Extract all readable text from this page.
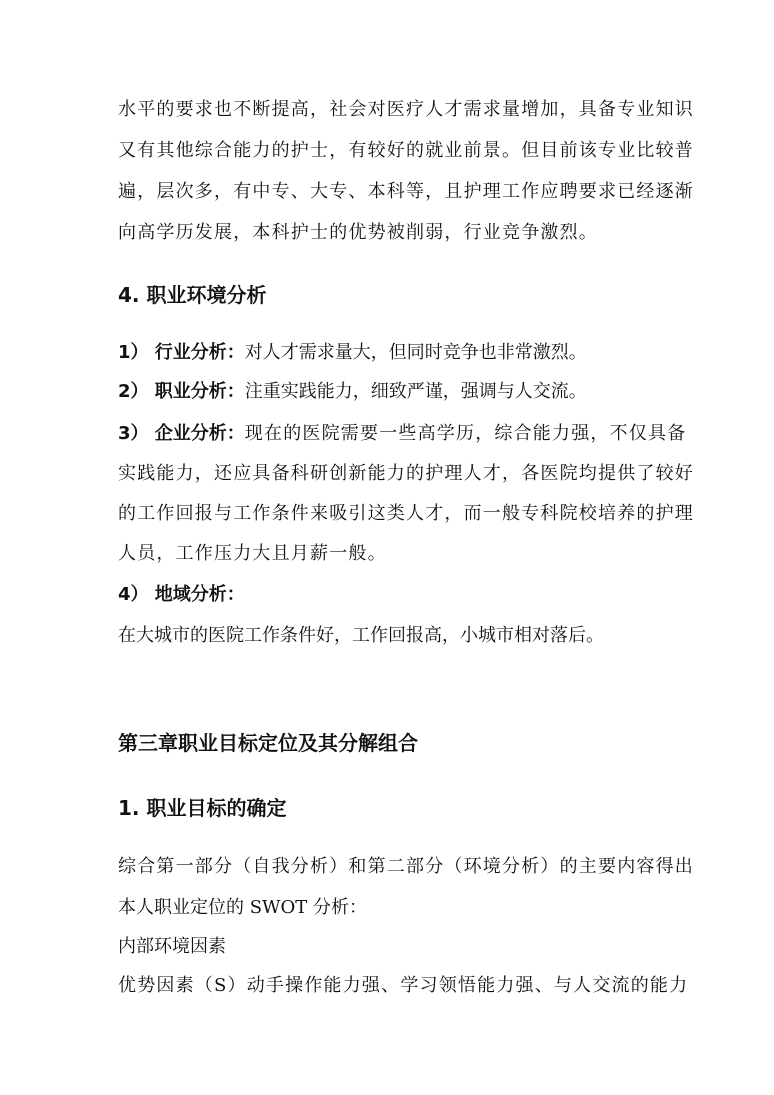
水平的要求也不断提高，社会对医疗人才需求量增加，具备专业知识

又有其他综合能力的护士，有较好的就业前景。但目前该专业比较普

遍，层次多，有中专、大专、本科等，且护理工作应聘要求已经逐渐

向高学历发展，本科护士的优势被削弱，行业竞争激烈。

4. 职业环境分析

1） 行业分析：对人才需求量大，但同时竞争也非常激烈。

2） 职业分析：注重实践能力，细致严谨，强调与人交流。

3） 企业分析：现在的医院需要一些高学历，综合能力强，不仅具备

实践能力，还应具备科研创新能力的护理人才，各医院均提供了较好

的工作回报与工作条件来吸引这类人才，而一般专科院校培养的护理

人员，工作压力大且月薪一般。

4） 地域分析：

在大城市的医院工作条件好，工作回报高，小城市相对落后。

第三章职业目标定位及其分解组合
1. 职业目标的确定

综合第一部分（自我分析）和第二部分（环境分析）的主要内容得出

本人职业定位的 SWOT 分析：

内部环境因素

优势因素（S）动手操作能力强、学习领悟能力强、与人交流的能力
